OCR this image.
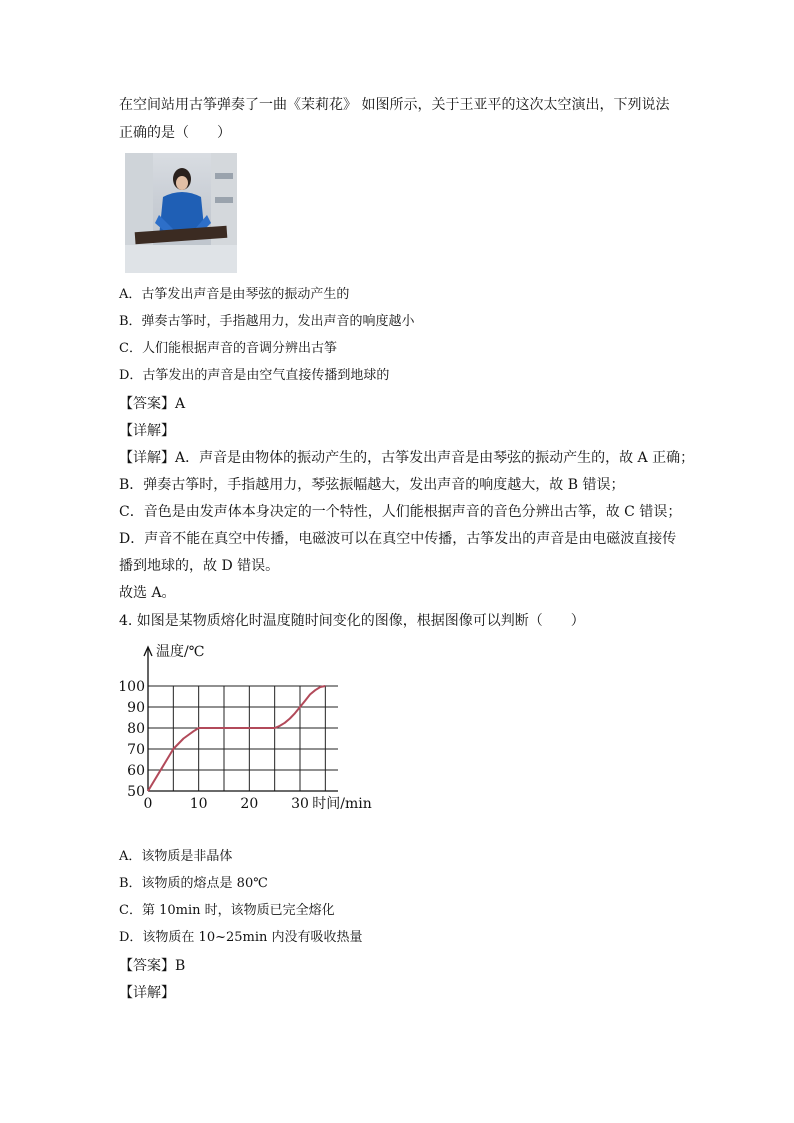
在空间站用古筝弹奏了一曲《茉莉花》 如图所示，关于王亚平的这次太空演出，下列说法
正确的是（　　）
A．古筝发出声音是由琴弦的振动产生的
B．弹奏古筝时，手指越用力，发出声音的响度越小
C．人们能根据声音的音调分辨出古筝
D．古筝发出的声音是由空气直接传播到地球的
【答案】A
【详解】
【详解】A．声音是由物体的振动产生的，古筝发出声音是由琴弦的振动产生的，故 A 正确；
B．弹奏古筝时，手指越用力，琴弦振幅越大，发出声音的响度越大，故 B 错误；
C．音色是由发声体本身决定的一个特性，人们能根据声音的音色分辨出古筝，故 C 错误；
D．声音不能在真空中传播，电磁波可以在真空中传播，古筝发出的声音是由电磁波直接传
播到地球的，故 D 错误。
故选 A。
4. 如图是某物质熔化时温度随时间变化的图像，根据图像可以判断（　　）
50
60
70
80
90
100
0	10 20 30
温度/℃
时间/min
A．该物质是非晶体
B．该物质的熔点是 80℃
C．第 10min 时，该物质已完全熔化
D．该物质在 10~25min 内没有吸收热量
【答案】B
【详解】
